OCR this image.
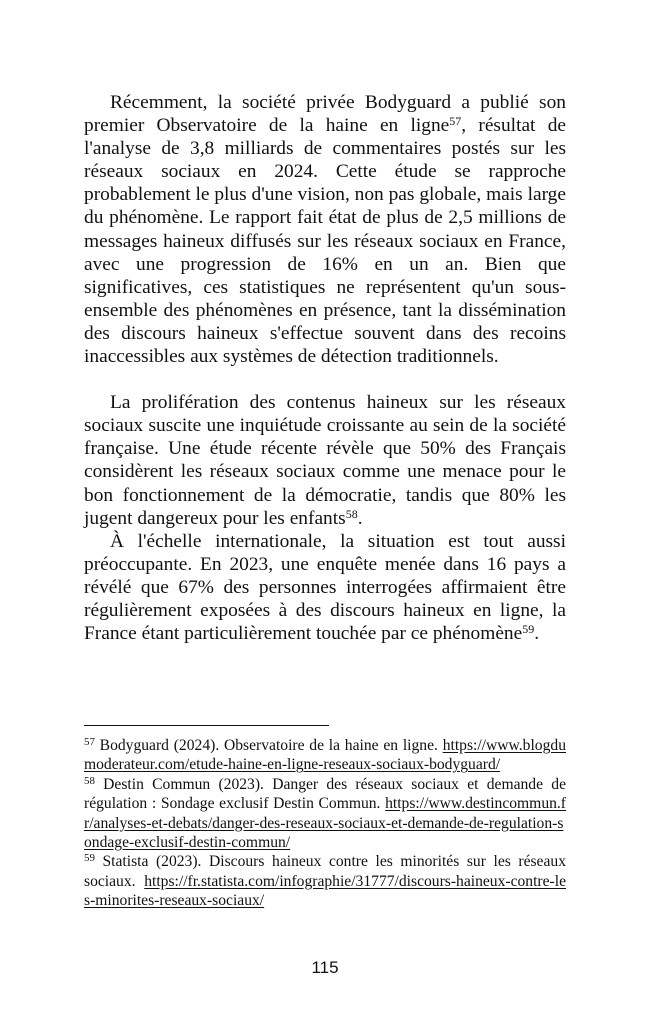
Récemment, la société privée Bodyguard a publié son premier Observatoire de la haine en ligne$^{57}$, résultat de l'analyse de 3,8 milliards de commentaires postés sur les réseaux sociaux en 2024. Cette étude se rapproche probablement le plus d'une vision, non pas globale, mais large du phénomène. Le rapport fait état de plus de 2,5 millions de messages haineux diffusés sur les réseaux sociaux en France, avec une progression de 16% en un an. Bien que significatives, ces statistiques ne représentent qu'un sous-ensemble des phénomènes en présence, tant la dissémination des discours haineux s'effectue souvent dans des recoins inaccessibles aux systèmes de détection traditionnels.

La prolifération des contenus haineux sur les réseaux sociaux suscite une inquiétude croissante au sein de la société française. Une étude récente révèle que 50% des Français considèrent les réseaux sociaux comme une menace pour le bon fonctionnement de la démocratie, tandis que 80% les jugent dangereux pour les enfants$^{58}$.

À l'échelle internationale, la situation est tout aussi préoccupante. En 2023, une enquête menée dans 16 pays a révélé que 67% des personnes interrogées affirmaient être régulièrement exposées à des discours haineux en ligne, la France étant particulièrement touchée par ce phénomène$^{59}$.

$^{57}$ Bodyguard (2024). Observatoire de la haine en ligne. https://www.blogdumoderateur.com/etude-haine-en-ligne-reseaux-sociaux-bodyguard/

$^{58}$ Destin Commun (2023). Danger des réseaux sociaux et demande de régulation : Sondage exclusif Destin Commun. https://www.destincommun.fr/analyses-et-debats/danger-des-reseaux-sociaux-et-demande-de-regulation-sondage-exclusif-destin-commun/

$^{59}$ Statista (2023). Discours haineux contre les minorités sur les réseaux sociaux. https://fr.statista.com/infographie/31777/discours-haineux-contre-les-minorites-reseaux-sociaux/

115
